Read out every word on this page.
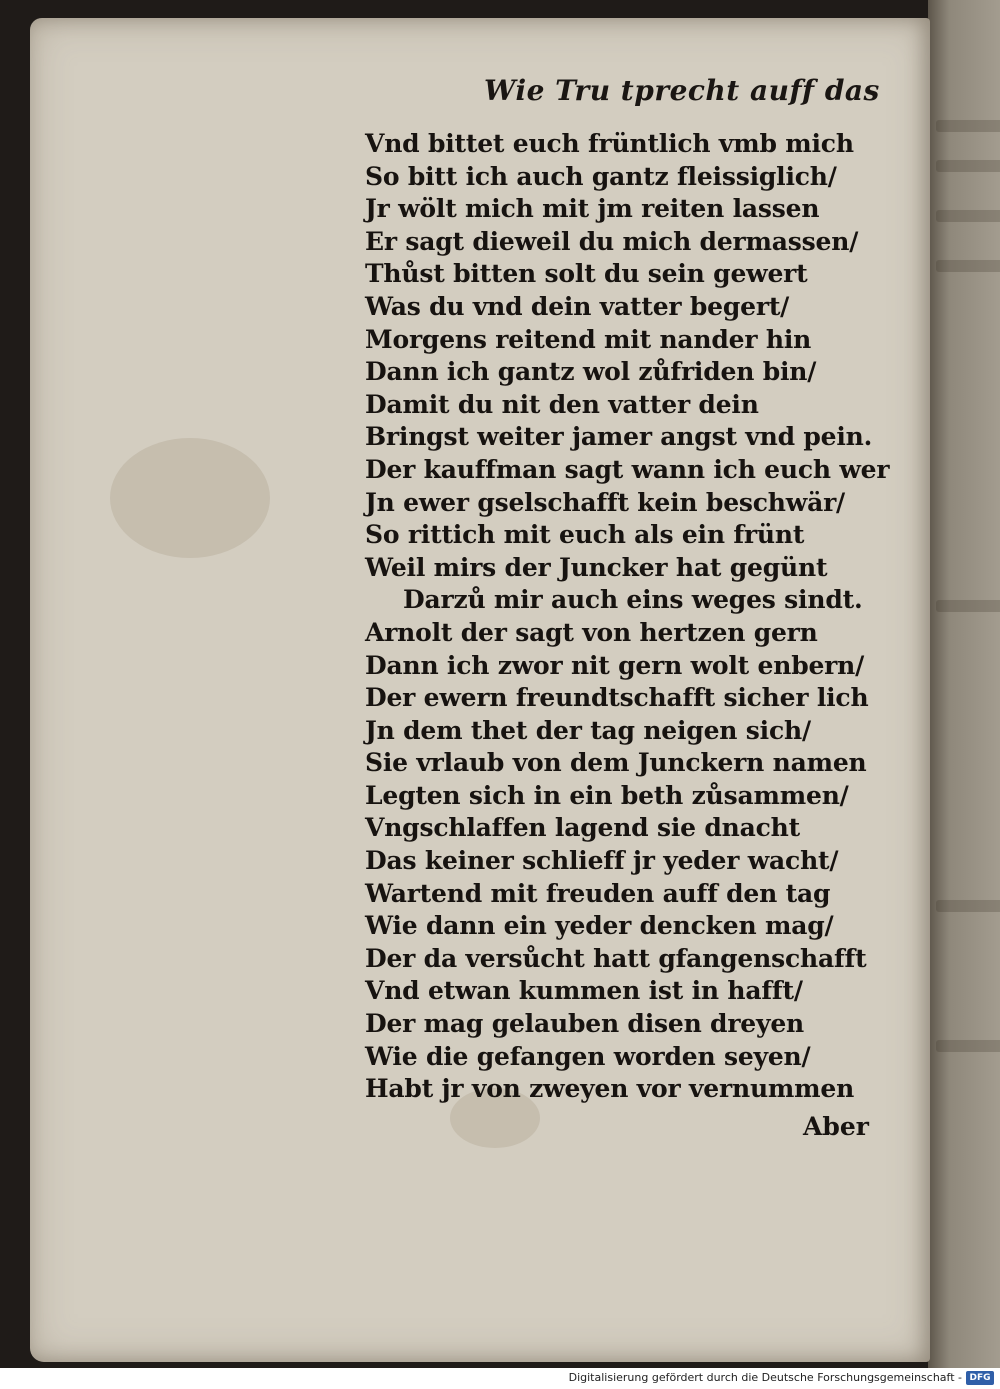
Wie Tru tprecht auff das
Vnd bittet euch früntlich vmb mich
So bitt ich auch gantz fleissiglich/
Jr wölt mich mit jm reiten lassen
Er sagt dieweil du mich dermassen/
Thůst bitten solt du sein gewert
Was du vnd dein vatter begert/
Morgens reitend mit nander hin
Dann ich gantz wol zůfriden bin/
Damit du nit den vatter dein
Bringst weiter jamer angst vnd pein.
Der kauffman sagt wann ich euch wer
Jn ewer gselschafft kein beschwär/
So rittich mit euch als ein frünt
Weil mirs der Juncker hat gegünt
Darzů mir auch eins weges sindt.
Arnolt der sagt von hertzen gern
Dann ich zwor nit gern wolt enbern/
Der ewern freundtschafft sicher lich
Jn dem thet der tag neigen sich/
Sie vrlaub von dem Junckern namen
Legten sich in ein beth zůsammen/
Vngschlaffen lagend sie dnacht
Das keiner schlieff jr yeder wacht/
Wartend mit freuden auff den tag
Wie dann ein yeder dencken mag/
Der da versůcht hatt gfangenschafft
Vnd etwan kummen ist in hafft/
Der mag gelauben disen dreyen
Wie die gefangen worden seyen/
Habt jr von zweyen vor vernummen
Aber
Digitalisierung gefördert durch die Deutsche Forschungsgemeinschaft - DFG
